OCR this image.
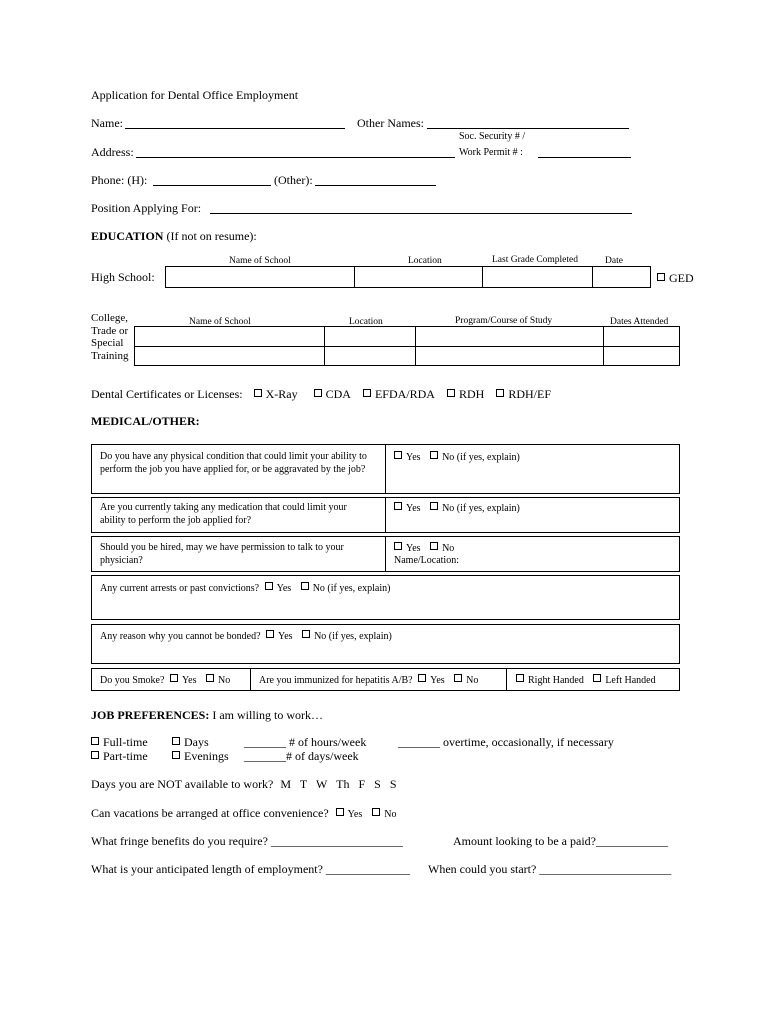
Application for Dental Office Employment
Name:	Other Names:
Soc. Security # /
Address:	Work Permit # :
Phone: (H):	(Other):
Position Applying For:
EDUCATION (If not on resume):
Name of School	Location	Last Grade Completed	Date
High School:	GED
College,
Trade or
Special
Training
Name of School	Location	Program/Course of Study	Dates Attended
Dental Certificates or Licenses: X-Ray CDA EFDA/RDA RDH RDH/EF
MEDICAL/OTHER:
Do you have any physical condition that could limit your ability to perform the job you have applied for, or be aggravated by the job?
Yes No (if yes, explain)
Are you currently taking any medication that could limit your ability to perform the job applied for?
Yes No (if yes, explain)
Should you be hired, may we have permission to talk to your physician?
Yes No
Name/Location:
Any current arrests or past convictions? Yes No (if yes, explain)
Any reason why you cannot be bonded? Yes No (if yes, explain)
Do you Smoke? Yes No	Are you immunized for hepatitis A/B? Yes No	Right Handed Left Handed
JOB PREFERENCES: I am willing to work…
Full-time
Part-time
Days
Evenings
_______ # of hours/week
_______# of days/week
_______ overtime, occasionally, if necessary
Days you are NOT available to work? M T W Th F S S
Can vacations be arranged at office convenience? Yes No
What fringe benefits do you require? ______________________	Amount looking to be a paid?____________
What is your anticipated length of employment? ______________ When could you start? ______________________
